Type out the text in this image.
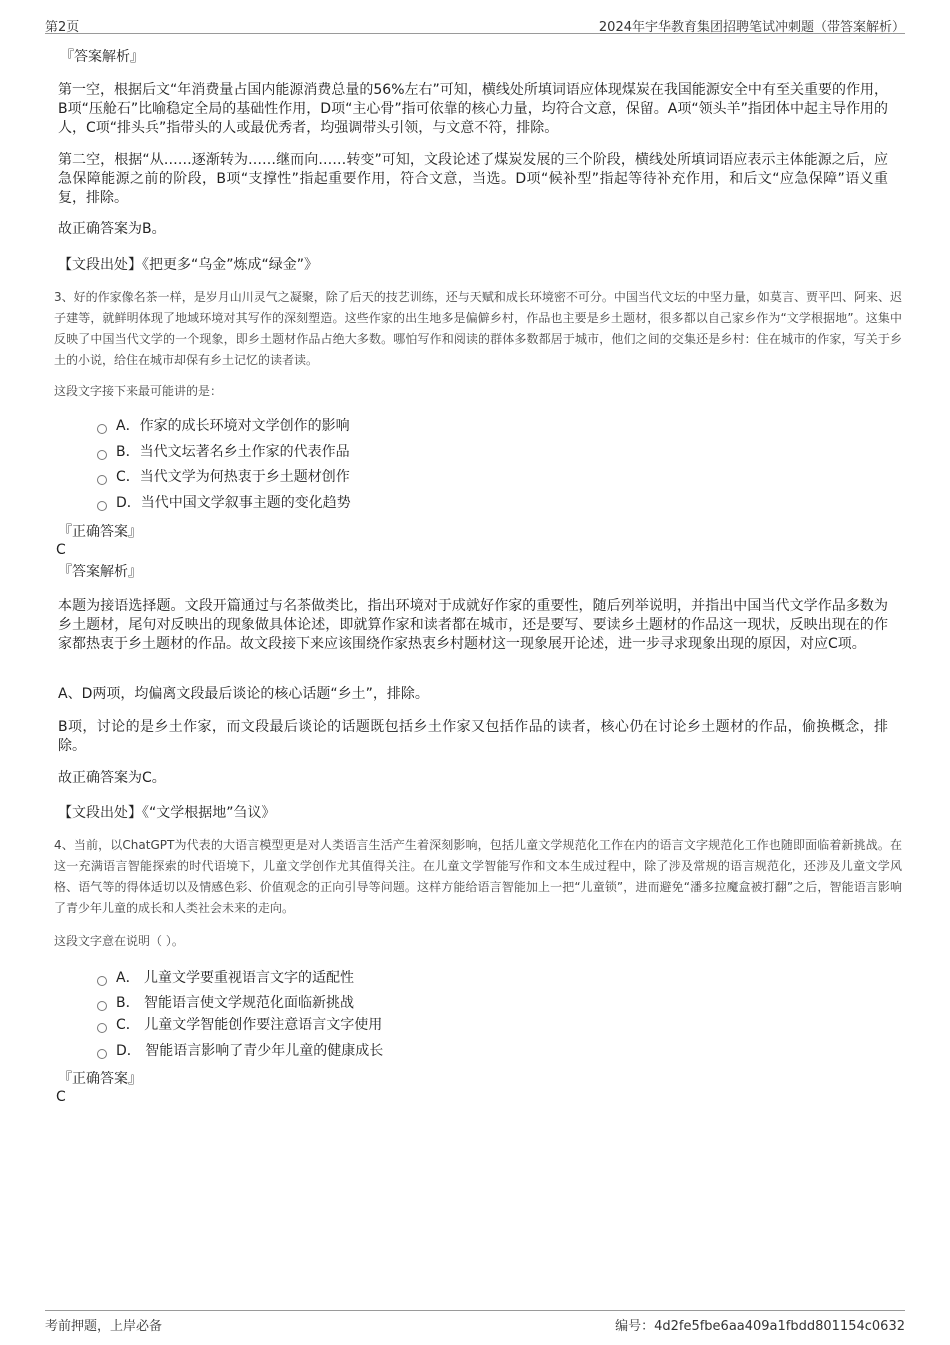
第2页	2024年宇华教育集团招聘笔试冲刺题（带答案解析）

『答案解析』

第一空，根据后文“年消费量占国内能源消费总量的56%左右”可知，横线处所填词语应体现煤炭在我国能源安全中有至关重要的作用，B项“压舱石”比喻稳定全局的基础性作用，D项“主心骨”指可依靠的核心力量，均符合文意，保留。A项“领头羊”指团体中起主导作用的人，C项“排头兵”指带头的人或最优秀者，均强调带头引领，与文意不符，排除。

第二空，根据“从……逐渐转为……继而向……转变”可知，文段论述了煤炭发展的三个阶段，横线处所填词语应表示主体能源之后，应急保障能源之前的阶段，B项“支撑性”指起重要作用，符合文意，当选。D项“候补型”指起等待补充作用，和后文“应急保障”语义重复，排除。

故正确答案为B。

【文段出处】《把更多“乌金”炼成“绿金”》

3、好的作家像名茶一样，是岁月山川灵气之凝聚，除了后天的技艺训练，还与天赋和成长环境密不可分。中国当代文坛的中坚力量，如莫言、贾平凹、阿来、迟子建等，就鲜明体现了地域环境对其写作的深刻塑造。这些作家的出生地多是偏僻乡村，作品也主要是乡土题材，很多都以自己家乡作为“文学根据地”。这集中反映了中国当代文学的一个现象，即乡土题材作品占绝大多数。哪怕写作和阅读的群体多数都居于城市，他们之间的交集还是乡村：住在城市的作家，写关于乡土的小说，给住在城市却保有乡土记忆的读者读。

这段文字接下来最可能讲的是：

A．作家的成长环境对文学创作的影响
B．当代文坛著名乡土作家的代表作品
C．当代文学为何热衷于乡土题材创作
D．当代中国文学叙事主题的变化趋势

『正确答案』

C

『答案解析』

本题为接语选择题。文段开篇通过与名茶做类比，指出环境对于成就好作家的重要性，随后列举说明，并指出中国当代文学作品多数为乡土题材，尾句对反映出的现象做具体论述，即就算作家和读者都在城市，还是要写、要读乡土题材的作品这一现状，反映出现在的作家都热衷于乡土题材的作品。故文段接下来应该围绕作家热衷乡村题材这一现象展开论述，进一步寻求现象出现的原因，对应C项。

A、D两项，均偏离文段最后谈论的核心话题“乡土”，排除。

B项，讨论的是乡土作家，而文段最后谈论的话题既包括乡土作家又包括作品的读者，核心仍在讨论乡土题材的作品，偷换概念，排除。

故正确答案为C。

【文段出处】《“文学根据地”刍议》

4、当前，以ChatGPT为代表的大语言模型更是对人类语言生活产生着深刻影响，包括儿童文学规范化工作在内的语言文字规范化工作也随即面临着新挑战。在这一充满语言智能探索的时代语境下，儿童文学创作尤其值得关注。在儿童文学智能写作和文本生成过程中，除了涉及常规的语言规范化，还涉及儿童文学风格、语气等的得体适切以及情感色彩、价值观念的正向引导等问题。这样方能给语言智能加上一把“儿童锁”，进而避免“潘多拉魔盒被打翻”之后，智能语言影响了青少年儿童的成长和人类社会未来的走向。

这段文字意在说明（ ）。

A． 儿童文学要重视语言文字的适配性
B． 智能语言使文学规范化面临新挑战
C． 儿童文学智能创作要注意语言文字使用
D． 智能语言影响了青少年儿童的健康成长

『正确答案』

C

考前押题，上岸必备	编号：4d2fe5fbe6aa409a1fbdd801154c0632
